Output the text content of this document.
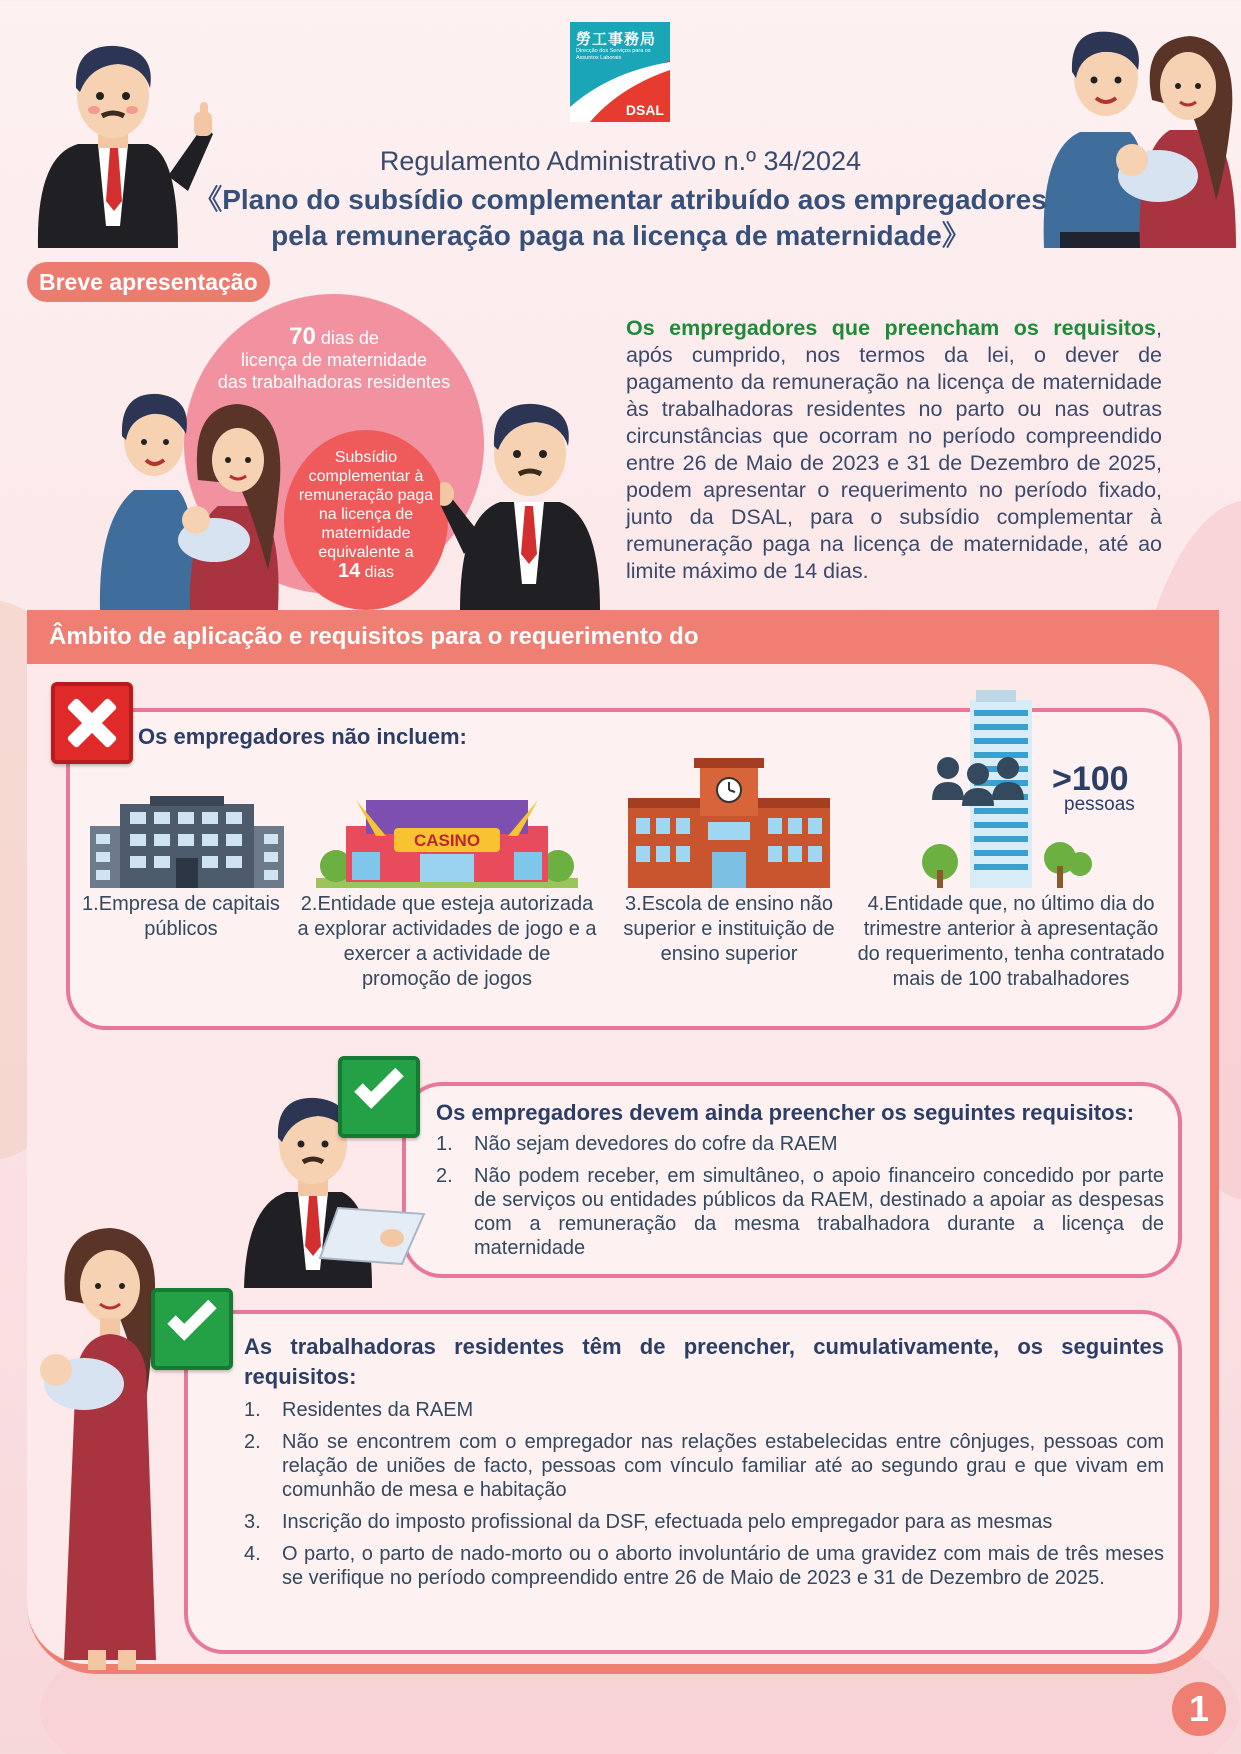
勞工事務局
Direcção dos Serviços para os Assuntos Laborais
DSAL
Regulamento Administrativo n.º 34/2024
《Plano do subsídio complementar atribuído aos empregadores
pela remuneração paga na licença de maternidade》
Breve apresentação
70 dias de
licença de maternidade
das trabalhadoras residentes
Subsídio
complementar à
remuneração paga
na licença de
maternidade
equivalente a
14 dias
Os empregadores que preencham os requisitos, após cumprido, nos termos da lei, o dever de pagamento da remuneração na licença de maternidade às trabalhadoras residentes no parto ou nas outras circunstâncias que ocorram no período compreendido entre 26 de Maio de 2023 e 31 de Dezembro de 2025, podem apresentar o requerimento no período fixado, junto da DSAL, para o subsídio complementar à remuneração paga na licença de maternidade, até ao limite máximo de 14 dias.
Âmbito de aplicação e requisitos para o requerimento do
Os empregadores não incluem:
1.Empresa de capitais
públicos
CASINO
2.Entidade que esteja autorizada
a explorar actividades de jogo e a
exercer a actividade de
promoção de jogos
3.Escola de ensino não
superior e instituição de
ensino superior
>100
pessoas
4.Entidade que, no último dia do
trimestre anterior à apresentação
do requerimento, tenha contratado
mais de 100 trabalhadores
Os empregadores devem ainda preencher os seguintes requisitos:
1. Não sejam devedores do cofre da RAEM
2. Não podem receber, em simultâneo, o apoio financeiro concedido por parte de serviços ou entidades públicos da RAEM, destinado a apoiar as despesas com a remuneração da mesma trabalhadora durante a licença de maternidade
As trabalhadoras residentes têm de preencher, cumulativamente, os seguintes requisitos:
1. Residentes da RAEM
2. Não se encontrem com o empregador nas relações estabelecidas entre cônjuges, pessoas com relação de uniões de facto, pessoas com vínculo familiar até ao segundo grau e que vivam em comunhão de mesa e habitação
3. Inscrição do imposto profissional da DSF, efectuada pelo empregador para as mesmas
4. O parto, o parto de nado-morto ou o aborto involuntário de uma gravidez com mais de três meses se verifique no período compreendido entre 26 de Maio de 2023 e 31 de Dezembro de 2025.
1
